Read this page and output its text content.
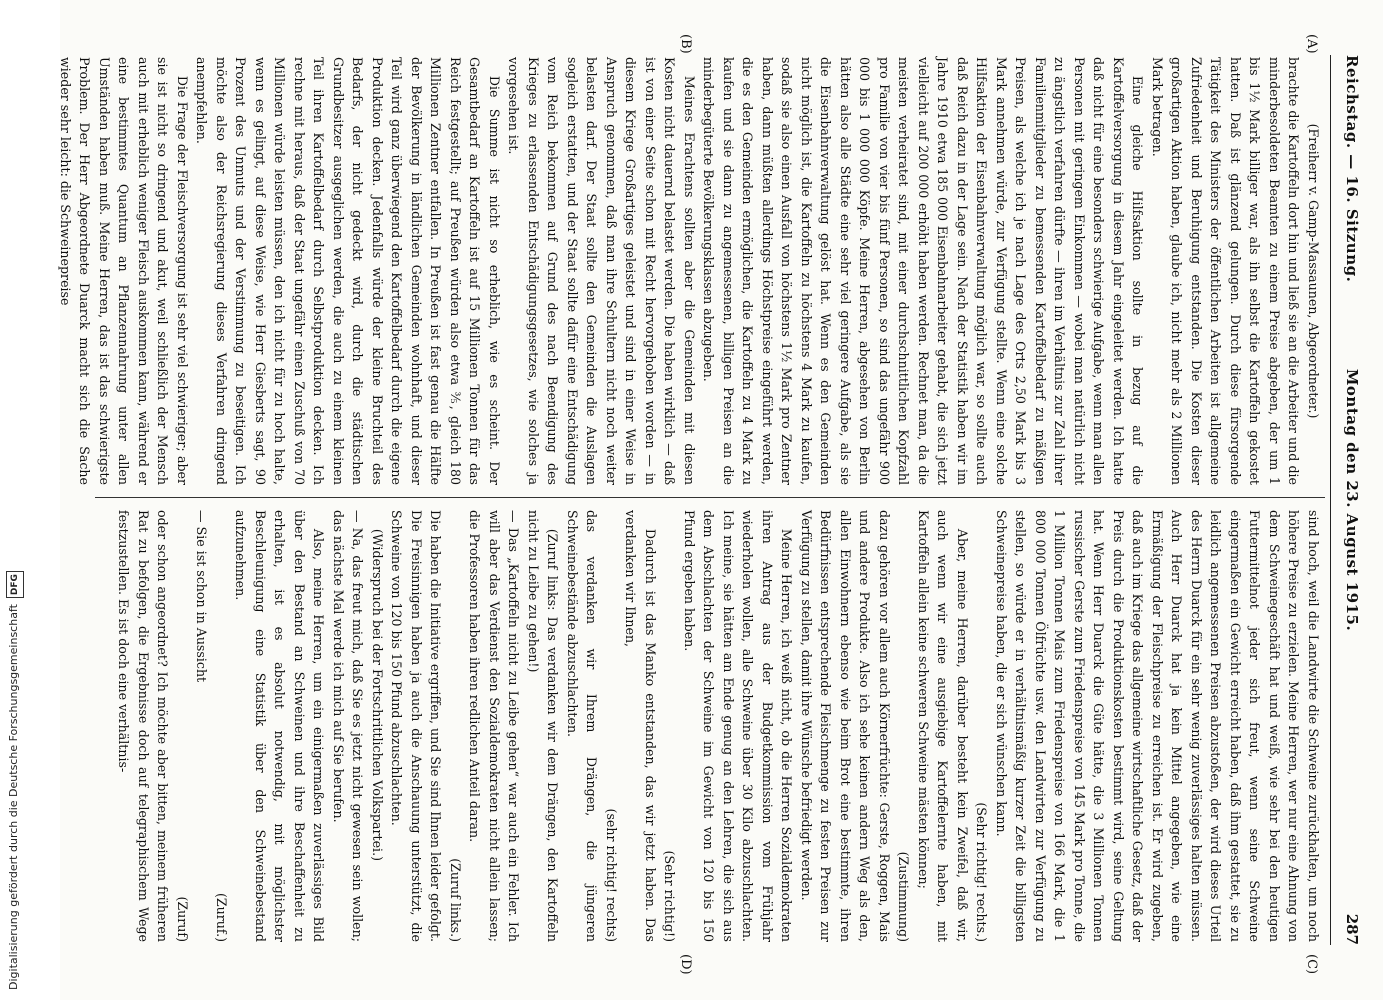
Reichstag. — 16. Sitzung.
Montag den 23. August 1915.
287
(A)
(B)
(C)
(D)

(Freiherr v. Gamp-Massaunen, Abgeordneter.)

brachte die Kartoffeln dort hin und ließ sie an die Arbeiter und die minderbesoldeten Beamten zu einem Preise abgeben, der um 1 bis 1½ Mark billiger war, als ihn selbst die Kartoffeln gekostet hatten. Daß ist glänzend gelungen. Durch diese fürsorgende Tätigkeit des Ministers der öffentlichen Arbeiten ist allgemeine Zufriedenheit und Beruhigung entstanden. Die Kosten dieser großartigen Aktion haben, glaube ich, nicht mehr als 2 Millionen Mark betragen.

Eine gleiche Hilfsaktion sollte in bezug auf die Kartoffelversorgung in diesem Jahr eingeleitet werden. Ich hatte daß nicht für eine besonders schwierige Aufgabe, wenn man allen Personen mit geringem Einkommen — wobei man natürlich nicht zu ängstlich verfahren dürfte — ihren im Verhältnis zur Zahl ihrer Familienmitglieder zu bemessenden Kartoffelbedarf zu mäßigen Preisen, als welche ich je nach Lage des Orts 2,50 Mark bis 3 Mark annehmen würde, zur Verfügung stellte. Wenn eine solche Hilfsaktion der Eisenbahnverwaltung möglich war, so sollte auch daß Reich dazu in der Lage sein. Nach der Statistik haben wir im Jahre 1910 etwa 185 000 Eisenbahnarbeiter gehabt, die sich jetzt vielleicht auf 200 000 erhöht haben werden. Rechnet man, da die meisten verheiratet sind, mit einer durchschnittlichen Kopfzahl pro Familie von vier bis fünf Personen, so sind das ungefähr 900 000 bis 1 000 000 Köpfe. Meine Herren, abgesehen von Berlin hätten also alle Städte eine sehr viel geringere Aufgabe, als sie die Eisenbahnverwaltung gelöst hat. Wenn es den Gemeinden nicht möglich ist, die Kartoffeln zu höchstens 4 Mark zu kaufen, sodaß sie also einen Ausfall von höchstens 1½ Mark pro Zentner haben, dann müßten allerdings Höchstpreise eingeführt werden, die es den Gemeinden ermöglichen, die Kartoffeln zu 4 Mark zu kaufen und sie dann zu angemessenen, billigen Preisen an die minderbegüterte Bevölkerungsklassen abzugeben.

Meines Erachtens sollten aber die Gemeinden mit diesen Kosten nicht dauernd belastet werden. Die haben wirklich — daß ist von einer Seite schon mit Recht hervorgehoben worden — in diesem Kriege Großartiges geleistet und sind in einer Weise in Anspruch genommen, daß man ihre Schultern nicht noch weiter belasten darf. Der Staat sollte den Gemeinden die Auslagen sogleich erstatten, und der Staat sollte dafür eine Entschädigung vom Reich bekommen auf Grund des nach Beendigung des Krieges zu erlassenden Entschädigungsgesetzes, wie solches ja vorgesehen ist.

Die Summe ist nicht so erheblich, wie es scheint. Der Gesamtbedarf an Kartoffeln ist auf 15 Millionen Tonnen für das Reich festgestellt; auf Preußen würden also etwa ⅗, gleich 180 Millionen Zentner entfallen. In Preußen ist fast genau die Hälfte der Bevölkerung in ländlichen Gemeinden wohnhaft, und dieser Teil wird ganz überwiegend den Kartoffelbedarf durch die eigene Produktion decken. Jedenfalls würde der kleine Bruchteil des Bedarfs, der nicht gedeckt wird, durch die städtischen Grundbesitzer ausgeglichen werden, die auch zu einem kleinen Teil ihren Kartoffelbedarf durch Selbstproduktion decken. Ich rechne mit heraus, daß der Staat ungefähr einen Zuschuß von 70 Millionen würde leisten müssen, den ich nicht für zu hoch halte, wenn es gelingt, auf diese Weise, wie Herr Giesberts sagt, 90 Prozent des Unmuts und der Verstimmung zu beseitigen. Ich möchte also der Reichsregierung dieses Verfahren dringend anempfehlen.

Die Frage der Fleischversorgung ist sehr viel schwieriger; aber sie ist nicht so dringend und akut, weil schließlich der Mensch auch mit erheblich weniger Fleisch auskommen kann, während er eine bestimmtes Quantum an Pflanzennahrung unter allen Umständen haben muß. Meine Herren, das ist das schwierigste Problem. Der Herr Abgeordnete Duarck macht sich die Sache wieder sehr leicht: die Schweinepreise

sind hoch, weil die Landwirte die Schweine zurückhalten, um noch höhere Preise zu erzielen. Meine Herren, wer nur eine Ahnung von dem Schweinegeschäft hat und weiß, wie sehr bei den heutigen Futtermittelnot jeder sich freut, wenn seine Schweine eingermaßen ein Gewicht erreicht haben, daß ihm gestattet, sie zu leidlich angemessenen Preisen abzustoßen, der wird dieses Urteil des Herrn Duarck für ein sehr wenig zuverlässiges halten müssen. Auch Herr Duarck hat ja kein Mittel angegeben, wie eine Ermäßigung der Fleischpreise zu erreichen ist. Er wird zugeben, daß auch im Kriege das allgemeine wirtschaftliche Gesetz, daß der Preis durch die Produktionskosten bestimmt wird, seine Geltung hat. Wenn Herr Duarck die Güte hätte, die 3 Millionen Tonnen russischer Gerste zum Friedenspreise von 145 Mark pro Tonne, die 1 Million Tonnen Mais zum Friedenspreise von 166 Mark, die 1 800 000 Tonnen Ölfrüchte usw. den Landwirten zur Verfügung zu stellen, so würde er in verhältnismäßig kurzer Zeit die billigsten Schweinepreise haben, die er sich wünschen kann.

(Sehr richtig! rechts.)

Aber, meine Herren, darüber besteht kein Zweifel, daß wir, auch wenn wir eine ausgiebige Kartoffelernte haben, mit Kartoffeln allein keine schweren Schweine mästen können;

(Zustimmung)

dazu gehören vor allem auch Körnerfrüchte: Gerste, Roggen, Mais und andere Produkte. Also ich sehe keinen andern Weg als den, allen Einwohnern ebenso wie beim Brot eine bestimmte, ihren Bedürfnissen entsprechende Fleischmenge zu festen Preisen zur Verfügung zu stellen, damit ihre Wünsche befriedigt werden.

Meine Herren, ich weiß nicht, ob die Herren Sozialdemokraten ihren Antrag aus der Budgetkommission vom Frühjahr wiederholen wollen, alle Schweine über 30 Kilo abzuschlachten. Ich meine, sie hätten am Ende genug an den Lehren, die sich aus dem Abschlachten der Schweine im Gewicht von 120 bis 150 Pfund ergeben haben.

(Sehr richtig!)

Dadurch ist das Manko entstanden, das wir jetzt haben. Das verdanken wir Ihnen,

(sehr richtig! rechts)

das verdanken wir Ihrem Drängen, die jüngeren Schweinebestände abzuschlachten.

(Zuruf links: Das verdanken wir dem Drängen, den Kartoffeln nicht zu Leibe zu gehen!)

— Das „Kartoffeln nicht zu Leibe gehen“ war auch ein Fehler. Ich will aber das Verdienst den Sozialdemokraten nicht allein lassen; die Professoren haben ihren redlichen Anteil daran.

(Zuruf links.)

Die haben die Initiative ergriffen, und Sie sind Ihnen leider gefolgt. Die Freisinnigen haben ja auch die Anschauung unterstützt, die Schweine von 120 bis 150 Pfund abzuschlachten.

(Widerspruch bei der Fortschrittlichen Volkspartei.)

— Na, das freut mich, daß Sie es jetzt nicht gewesen sein wollen; das nächste Mal werde ich mich auf Sie berufen.

Also, meine Herren, um ein einigermaßen zuverlässiges Bild über den Bestand an Schweinen und ihre Beschaffenheit zu erhalten, ist es absolut notwendig, mit möglichster Beschleunigung eine Statistik über den Schweinebestand aufzunehmen.

(Zuruf.)

— Sie ist schon in Aussicht

(Zuruf)

oder schon angeordnet? Ich möchte aber bitten, meinem früheren Rat zu befolgen, die Ergebnisse doch auf telegraphischem Wege festzustellen. Es ist doch eine verhältnis-

Digitalisierung gefördert durch die Deutsche ForschungsgemeinschaftDFG
